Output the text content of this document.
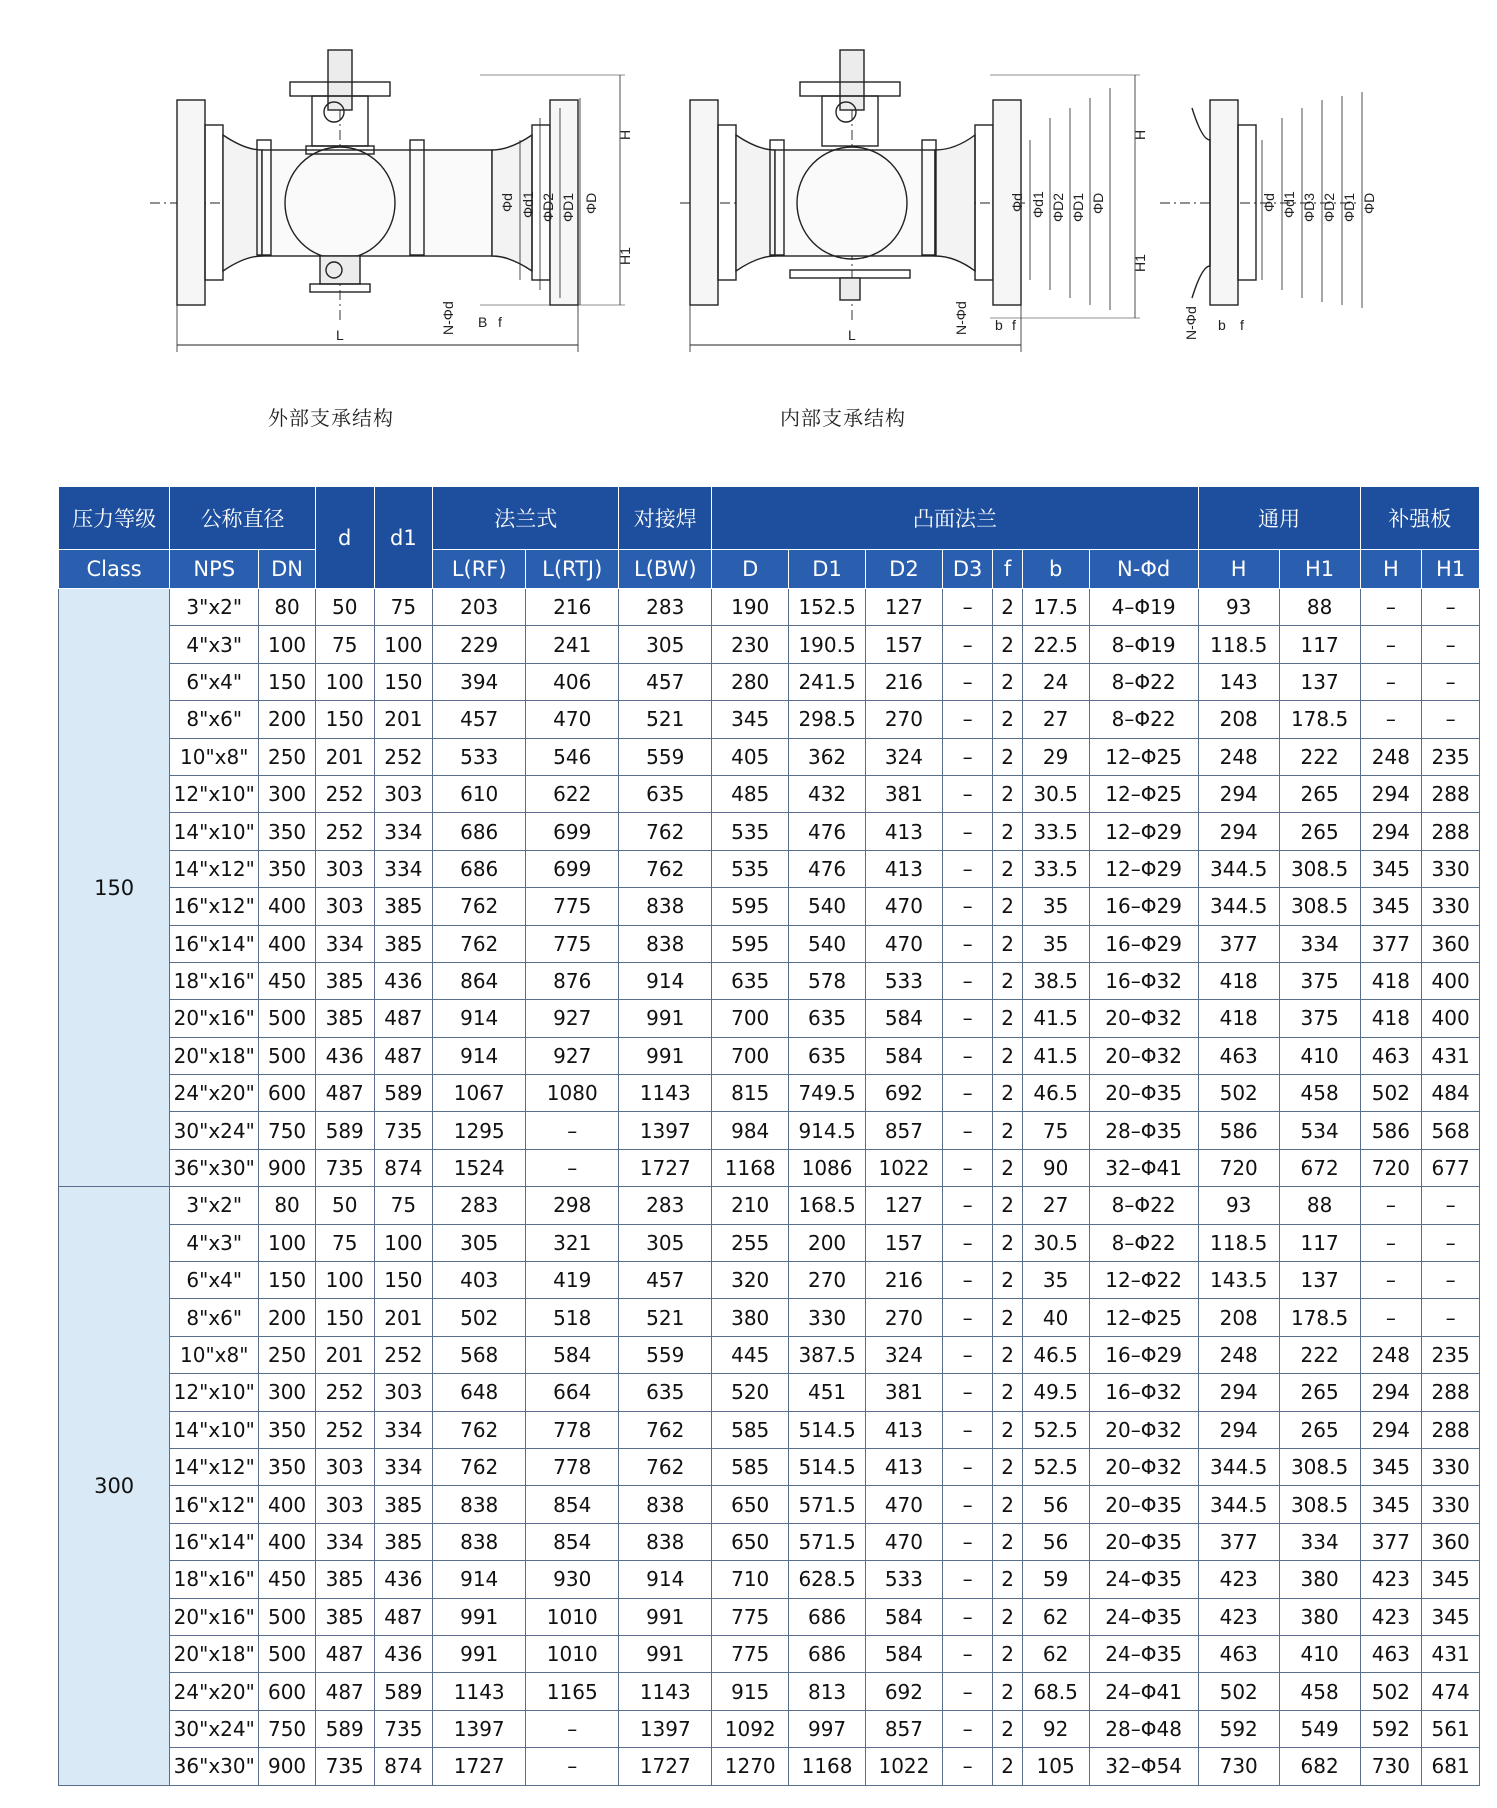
L
B f
N-Φd
Φd Φd1 ΦD2 ΦD1 ΦD
H
H1
L
b f
N-Φd
Φd Φd1 ΦD2 ΦD1 ΦD
H
H1
b f
N-Φd
Φd Φd1 ΦD3 ΦD2 ΦD1 ΦD
外部支承结构	内部支承结构
压力等级	公称直径		d	d1	法兰式		对接焊	凸面法兰							通用		补强板	
Class	NPS	DN			L(RF)	L(RTJ)	L(BW)	D	D1	D2	D3	f	b	N-Φd	H	H1	H	H1
150	3"x2"	80	50	75	203	216	283	190	152.5	127	–	2	17.5	4–Φ19	93	88	–	–
	4"x3"	100	75	100	229	241	305	230	190.5	157	–	2	22.5	8–Φ19	118.5	117	–	–
	6"x4"	150	100	150	394	406	457	280	241.5	216	–	2	24	8–Φ22	143	137	–	–
	8"x6"	200	150	201	457	470	521	345	298.5	270	–	2	27	8–Φ22	208	178.5	–	–
	10"x8"	250	201	252	533	546	559	405	362	324	–	2	29	12–Φ25	248	222	248	235
	12"x10"	300	252	303	610	622	635	485	432	381	–	2	30.5	12–Φ25	294	265	294	288
	14"x10"	350	252	334	686	699	762	535	476	413	–	2	33.5	12–Φ29	294	265	294	288
	14"x12"	350	303	334	686	699	762	535	476	413	–	2	33.5	12–Φ29	344.5	308.5	345	330
	16"x12"	400	303	385	762	775	838	595	540	470	–	2	35	16–Φ29	344.5	308.5	345	330
	16"x14"	400	334	385	762	775	838	595	540	470	–	2	35	16–Φ29	377	334	377	360
	18"x16"	450	385	436	864	876	914	635	578	533	–	2	38.5	16–Φ32	418	375	418	400
	20"x16"	500	385	487	914	927	991	700	635	584	–	2	41.5	20–Φ32	418	375	418	400
	20"x18"	500	436	487	914	927	991	700	635	584	–	2	41.5	20–Φ32	463	410	463	431
	24"x20"	600	487	589	1067	1080	1143	815	749.5	692	–	2	46.5	20–Φ35	502	458	502	484
	30"x24"	750	589	735	1295	–	1397	984	914.5	857	–	2	75	28–Φ35	586	534	586	568
	36"x30"	900	735	874	1524	–	1727	1168	1086	1022	–	2	90	32–Φ41	720	672	720	677
300	3"x2"	80	50	75	283	298	283	210	168.5	127	–	2	27	8–Φ22	93	88	–	–
	4"x3"	100	75	100	305	321	305	255	200	157	–	2	30.5	8–Φ22	118.5	117	–	–
	6"x4"	150	100	150	403	419	457	320	270	216	–	2	35	12–Φ22	143.5	137	–	–
	8"x6"	200	150	201	502	518	521	380	330	270	–	2	40	12–Φ25	208	178.5	–	–
	10"x8"	250	201	252	568	584	559	445	387.5	324	–	2	46.5	16–Φ29	248	222	248	235
	12"x10"	300	252	303	648	664	635	520	451	381	–	2	49.5	16–Φ32	294	265	294	288
	14"x10"	350	252	334	762	778	762	585	514.5	413	–	2	52.5	20–Φ32	294	265	294	288
	14"x12"	350	303	334	762	778	762	585	514.5	413	–	2	52.5	20–Φ32	344.5	308.5	345	330
	16"x12"	400	303	385	838	854	838	650	571.5	470	–	2	56	20–Φ35	344.5	308.5	345	330
	16"x14"	400	334	385	838	854	838	650	571.5	470	–	2	56	20–Φ35	377	334	377	360
	18"x16"	450	385	436	914	930	914	710	628.5	533	–	2	59	24–Φ35	423	380	423	345
	20"x16"	500	385	487	991	1010	991	775	686	584	–	2	62	24–Φ35	423	380	423	345
	20"x18"	500	487	436	991	1010	991	775	686	584	–	2	62	24–Φ35	463	410	463	431
	24"x20"	600	487	589	1143	1165	1143	915	813	692	–	2	68.5	24–Φ41	502	458	502	474
	30"x24"	750	589	735	1397	–	1397	1092	997	857	–	2	92	28–Φ48	592	549	592	561
	36"x30"	900	735	874	1727	–	1727	1270	1168	1022	–	2	105	32–Φ54	730	682	730	681
